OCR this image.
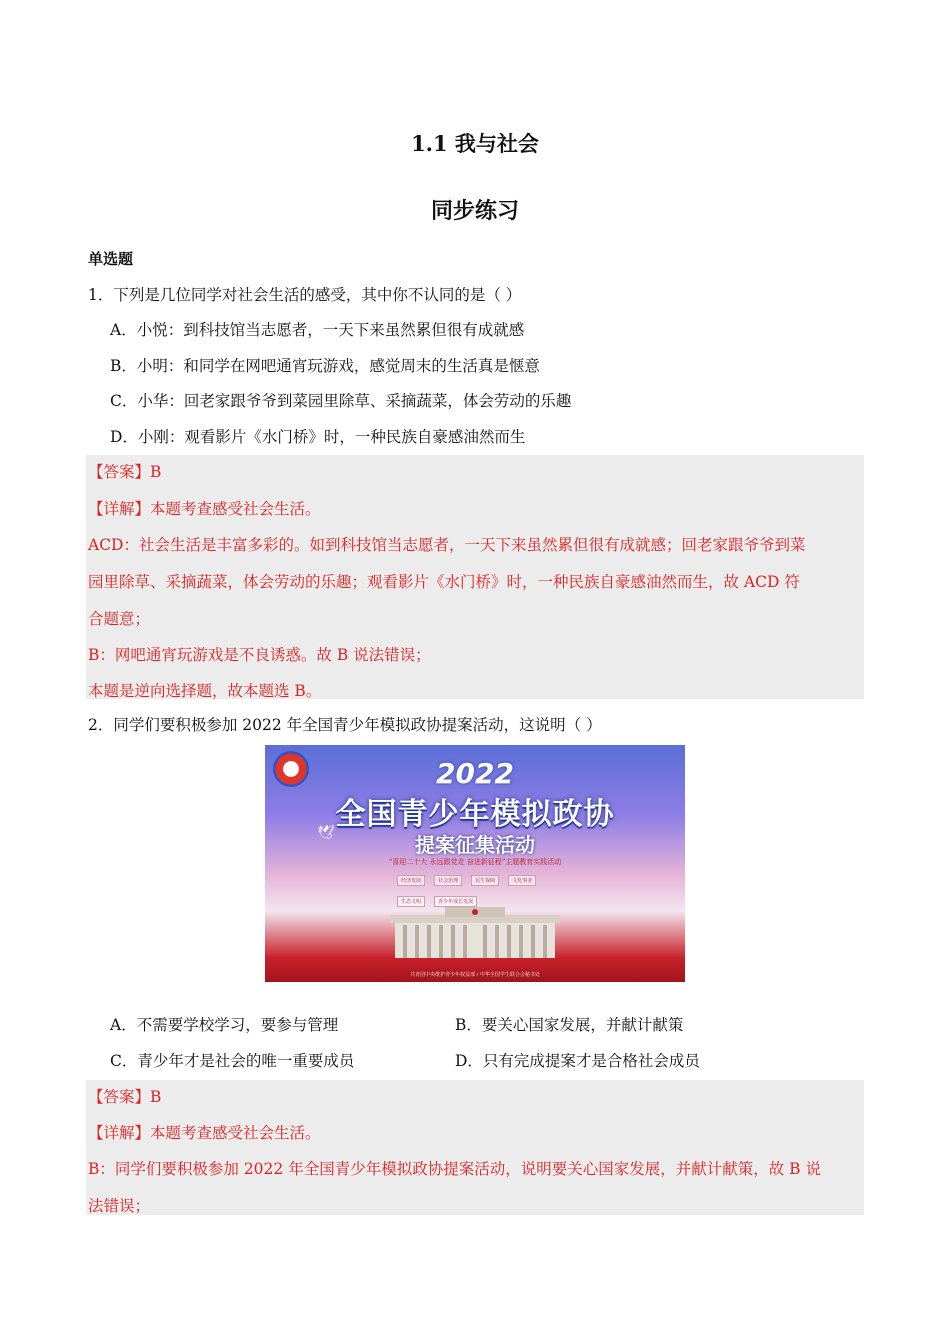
1.1 我与社会
同步练习
单选题
1．下列是几位同学对社会生活的感受，其中你不认同的是（ ）
A．小悦：到科技馆当志愿者，一天下来虽然累但很有成就感
B．小明：和同学在网吧通宵玩游戏，感觉周末的生活真是惬意
C．小华：回老家跟爷爷到菜园里除草、采摘蔬菜，体会劳动的乐趣
D．小刚：观看影片《水门桥》时，一种民族自豪感油然而生
【答案】B
【详解】本题考查感受社会生活。
ACD：社会生活是丰富多彩的。如到科技馆当志愿者，一天下来虽然累但很有成就感；回老家跟爷爷到菜
园里除草、采摘蔬菜，体会劳动的乐趣；观看影片《水门桥》时，一种民族自豪感油然而生，故 ACD 符
合题意；
B：网吧通宵玩游戏是不良诱惑。故 B 说法错误；
本题是逆向选择题，故本题选 B。
2．同学们要积极参加 2022 年全国青少年模拟政协提案活动，这说明（ ）
2022
全国青少年模拟政协
提案征集活动
“喜迎二十大 永远跟党走 奋进新征程”主题教育实践活动
经济发展	社会治理	民生保障	文化事业 生态文明	青少年成长发展
🕊
共青团中央维护青少年权益部 / 中华全国学生联合会秘书处
A．不需要学校学习，要参与管理	B．要关心国家发展，并献计献策
C．青少年才是社会的唯一重要成员	D．只有完成提案才是合格社会成员
【答案】B
【详解】本题考查感受社会生活。
B：同学们要积极参加 2022 年全国青少年模拟政协提案活动，说明要关心国家发展，并献计献策，故 B 说
法错误；
